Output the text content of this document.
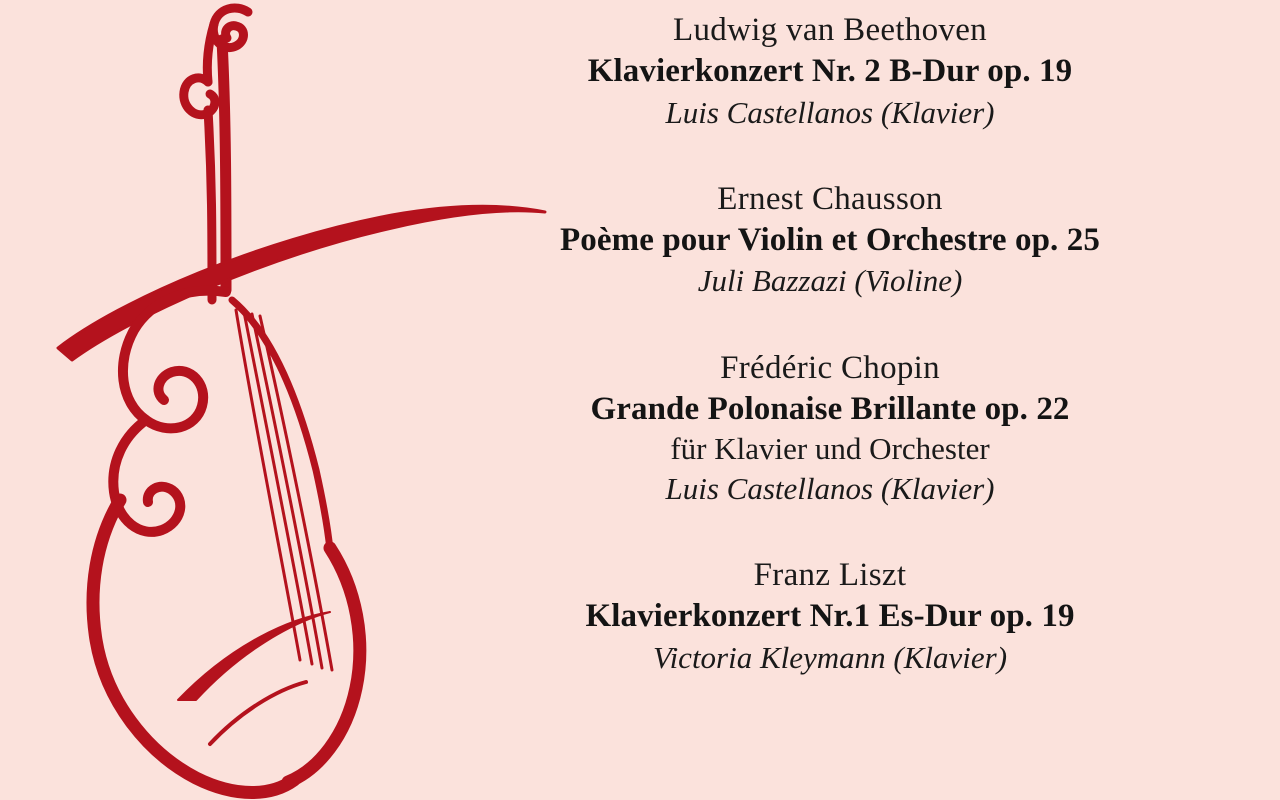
Ludwig van Beethoven
Klavierkonzert Nr. 2 B-Dur op. 19
Luis Castellanos (Klavier)
Ernest Chausson
Poème pour Violin et Orchestre op. 25
Juli Bazzazi (Violine)
Frédéric Chopin
Grande Polonaise Brillante op. 22
für Klavier und Orchester
Luis Castellanos (Klavier)
Franz Liszt
Klavierkonzert Nr.1 Es-Dur op. 19
Victoria Kleymann (Klavier)
